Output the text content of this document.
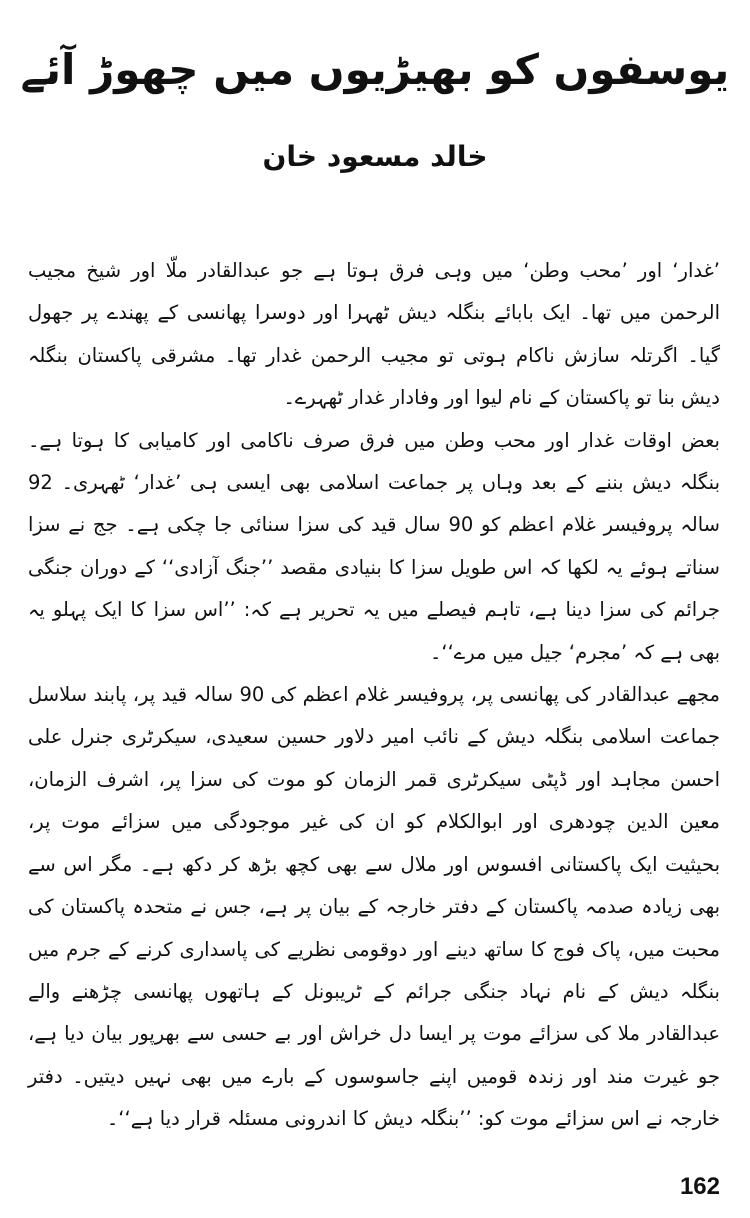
یوسفوں کو بھیڑیوں میں چھوڑ آئے
خالد مسعود خان

’غدار‘ اور ’محب وطن‘ میں وہی فرق ہوتا ہے جو عبدالقادر ملّا اور شیخ مجیب الرحمن میں تھا۔ ایک بابائے بنگلہ دیش ٹھہرا اور دوسرا پھانسی کے پھندے پر جھول گیا۔ اگرتلہ سازش ناکام ہوتی تو مجیب الرحمن غدار تھا۔ مشرقی پاکستان بنگلہ دیش بنا تو پاکستان کے نام لیوا اور وفادار غدار ٹھہرے۔

بعض اوقات غدار اور محب وطن میں فرق صرف ناکامی اور کامیابی کا ہوتا ہے۔ بنگلہ دیش بننے کے بعد وہاں پر جماعت اسلامی بھی ایسی ہی ’غدار‘ ٹھہری۔ 92 سالہ پروفیسر غلام اعظم کو 90 سال قید کی سزا سنائی جا چکی ہے۔ جج نے سزا سناتے ہوئے یہ لکھا کہ اس طویل سزا کا بنیادی مقصد ’’جنگ آزادی‘‘ کے دوران جنگی جرائم کی سزا دینا ہے، تاہم فیصلے میں یہ تحریر ہے کہ: ’’اس سزا کا ایک پہلو یہ بھی ہے کہ ’مجرم‘ جیل میں مرے‘‘۔

مجھے عبدالقادر کی پھانسی پر، پروفیسر غلام اعظم کی 90 سالہ قید پر، پابند سلاسل جماعت اسلامی بنگلہ دیش کے نائب امیر دلاور حسین سعیدی، سیکرٹری جنرل علی احسن مجاہد اور ڈپٹی سیکرٹری قمر الزمان کو موت کی سزا پر، اشرف الزمان، معین الدین چودھری اور ابوالکلام کو ان کی غیر موجودگی میں سزائے موت پر، بحیثیت ایک پاکستانی افسوس اور ملال سے بھی کچھ بڑھ کر دکھ ہے۔ مگر اس سے بھی زیادہ صدمہ پاکستان کے دفتر خارجہ کے بیان پر ہے، جس نے متحدہ پاکستان کی محبت میں، پاک فوج کا ساتھ دینے اور دوقومی نظریے کی پاسداری کرنے کے جرم میں بنگلہ دیش کے نام نہاد جنگی جرائم کے ٹریبونل کے ہاتھوں پھانسی چڑھنے والے عبدالقادر ملا کی سزائے موت پر ایسا دل خراش اور بے حسی سے بھرپور بیان دیا ہے، جو غیرت مند اور زندہ قومیں اپنے جاسوسوں کے بارے میں بھی نہیں دیتیں۔ دفتر خارجہ نے اس سزائے موت کو: ’’بنگلہ دیش کا اندرونی مسئلہ قرار دیا ہے‘‘۔

162
